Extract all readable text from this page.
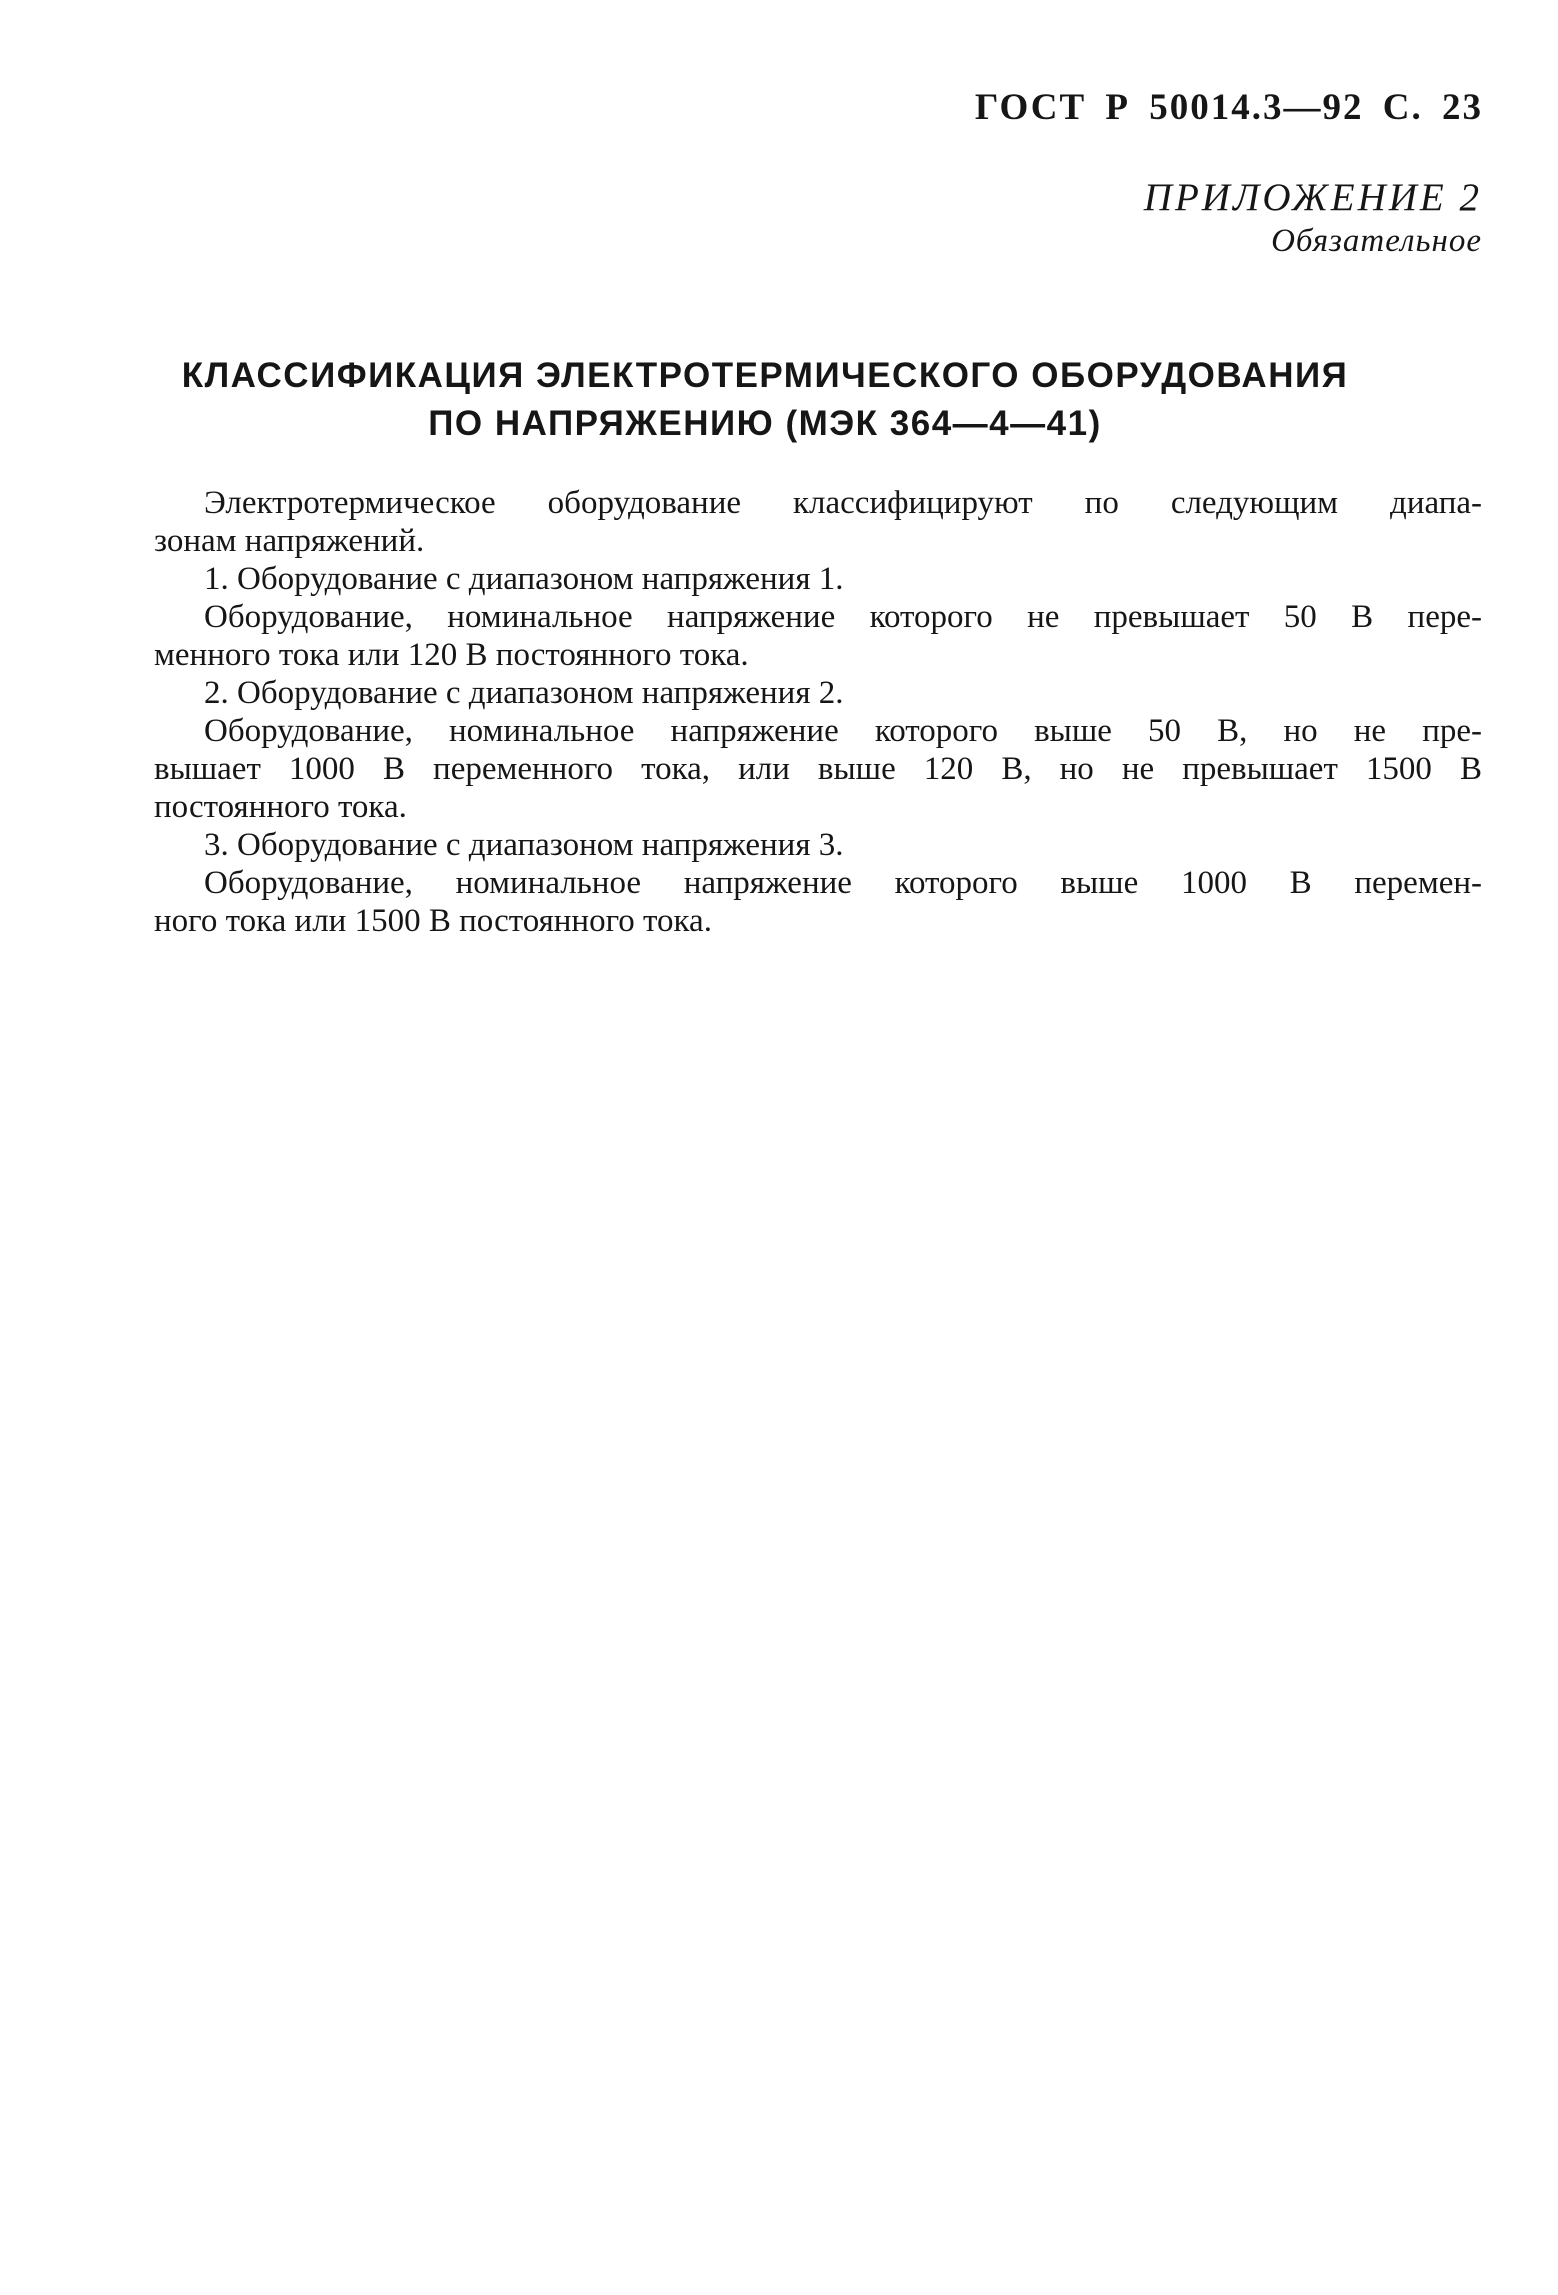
ГОСТ Р 50014.3—92 С. 23
ПРИЛОЖЕНИЕ 2
Обязательное
КЛАССИФИКАЦИЯ ЭЛЕКТРОТЕРМИЧЕСКОГО ОБОРУДОВАНИЯ
ПО НАПРЯЖЕНИЮ (МЭК 364—4—41)
Электротермическое оборудование классифицируют по следующим диапа-
зонам напряжений.
1. Оборудование с диапазоном напряжения 1.
Оборудование, номинальное напряжение которого не превышает 50 В пере-
менного тока или 120 В постоянного тока.
2. Оборудование с диапазоном напряжения 2.
Оборудование, номинальное напряжение которого выше 50 В, но не пре-
вышает 1000 В переменного тока, или выше 120 В, но не превышает 1500 В
постоянного тока.
3. Оборудование с диапазоном напряжения 3.
Оборудование, номинальное напряжение которого выше 1000 В перемен-
ного тока или 1500 В постоянного тока.
